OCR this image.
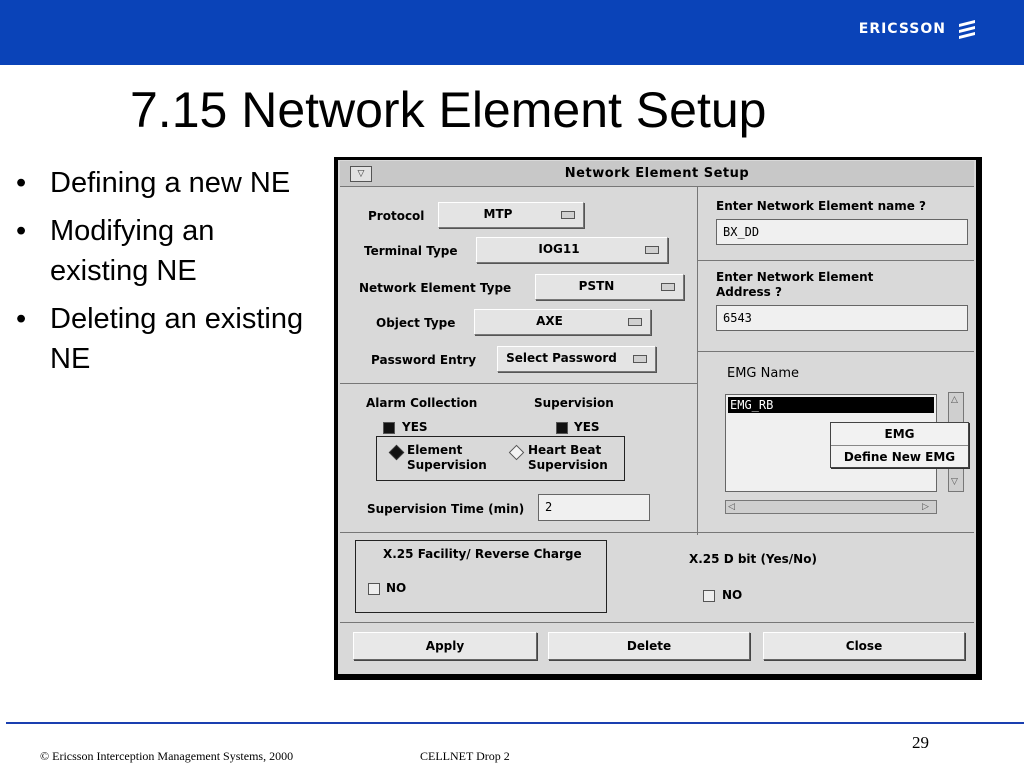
ERICSSON
7.15 Network Element Setup
• Defining a new NE
• Modifying an existing NE
• Deleting an existing NE
▽	Network Element Setup
Protocol	MTP
Terminal Type	IOG11
Network Element Type	PSTN
Object Type	AXE
Password Entry	Select Password
Enter Network Element name ?
BX_DD
Enter Network Element
Address ?
6543
Alarm Collection
YES
Supervision
YES
Element
Supervision
Heart Beat
Supervision
Supervision Time (min) 2
EMG Name
EMG_RB	△
▽
◁	▷
EMG
Define New EMG
X.25 Facility/ Reverse Charge
NO
X.25 D bit (Yes/No)
NO
Apply	Delete	Close
© Ericsson Interception Management Systems, 2000	CELLNET Drop 2
29
